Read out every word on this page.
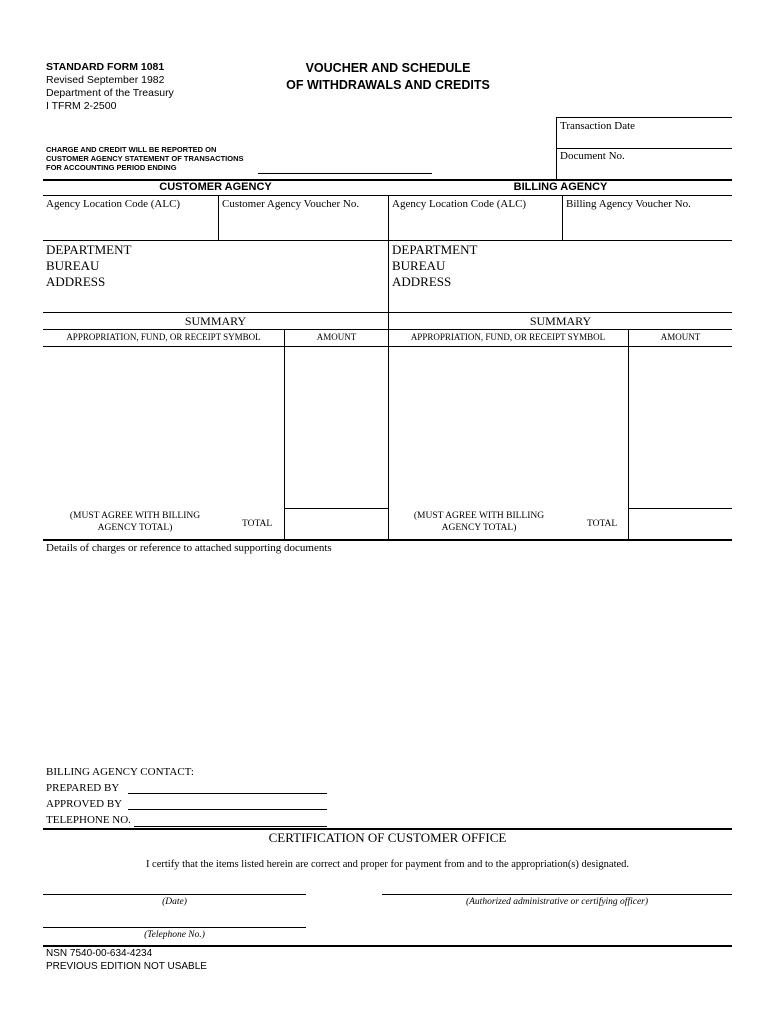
STANDARD FORM 1081
Revised September 1982
Department of the Treasury
I TFRM 2-2500
VOUCHER AND SCHEDULE
OF WITHDRAWALS AND CREDITS
CHARGE AND CREDIT WILL BE REPORTED ON
CUSTOMER AGENCY STATEMENT OF TRANSACTIONS
FOR ACCOUNTING PERIOD ENDING
Transaction Date
Document No.
CUSTOMER AGENCY	BILLING AGENCY
Agency Location Code (ALC)	Customer Agency Voucher No.	Agency Location Code (ALC)	Billing Agency Voucher No.
DEPARTMENT
BUREAU
ADDRESS
DEPARTMENT
BUREAU
ADDRESS
SUMMARY	SUMMARY
APPROPRIATION, FUND, OR RECEIPT SYMBOL	AMOUNT	APPROPRIATION, FUND, OR RECEIPT SYMBOL	AMOUNT
(MUST AGREE WITH BILLING
AGENCY TOTAL)	TOTAL
(MUST AGREE WITH BILLING
AGENCY TOTAL)	TOTAL
Details of charges or reference to attached supporting documents
BILLING AGENCY CONTACT:
PREPARED BY
APPROVED BY
TELEPHONE NO.
CERTIFICATION OF CUSTOMER OFFICE
I certify that the items listed herein are correct and proper for payment from and to the appropriation(s) designated.
(Date)	(Authorized administrative or certifying officer)
(Telephone No.)
NSN 7540-00-634-4234
PREVIOUS EDITION NOT USABLE
